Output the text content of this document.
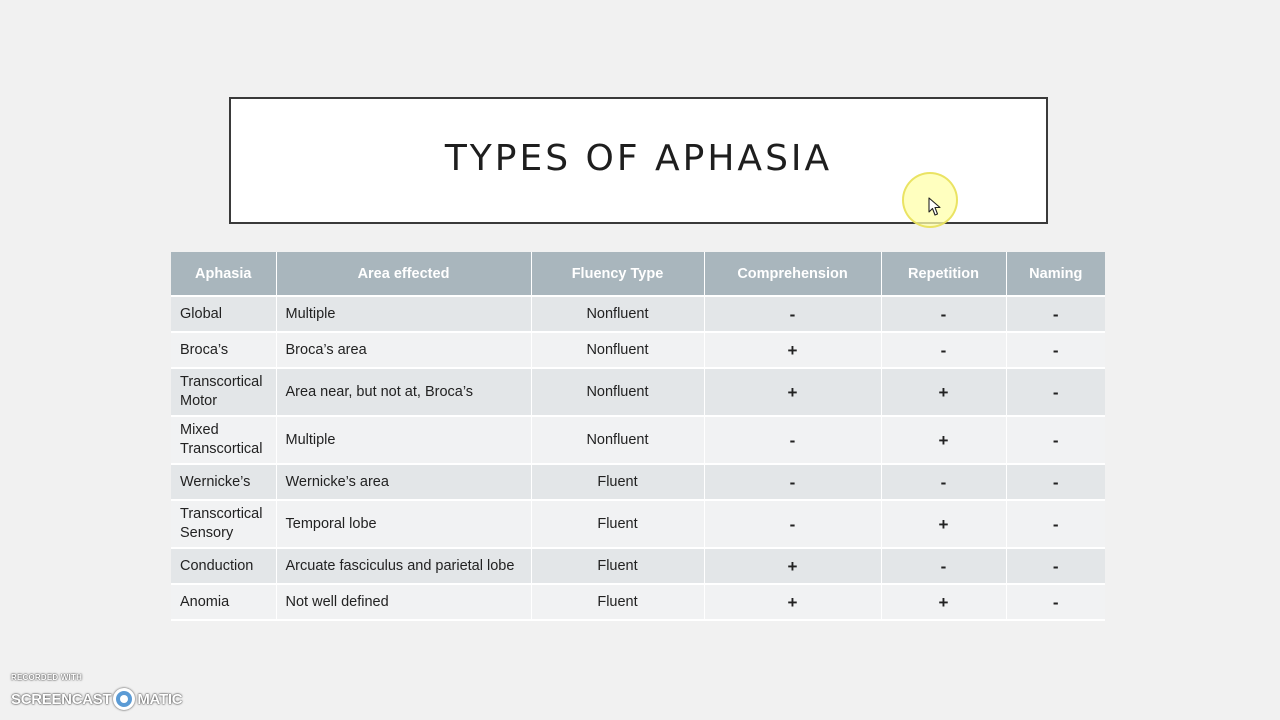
TYPES OF APHASIA
Aphasia	Area effected	Fluency Type	Comprehension	Repetition	Naming
Global	Multiple	Nonfluent	-	-	-
Broca’s	Broca’s area	Nonfluent	+	-	-
Transcortical Motor	Area near, but not at, Broca’s	Nonfluent	+	+	-
Mixed Transcortical	Multiple	Nonfluent	-	+	-
Wernicke’s	Wernicke’s area	Fluent	-	-	-
Transcortical Sensory	Temporal lobe	Fluent	-	+	-
Conduction	Arcuate fasciculus and parietal lobe	Fluent	+	-	-
Anomia	Not well defined	Fluent	+	+	-
RECORDED WITH
SCREENCAST MATIC
